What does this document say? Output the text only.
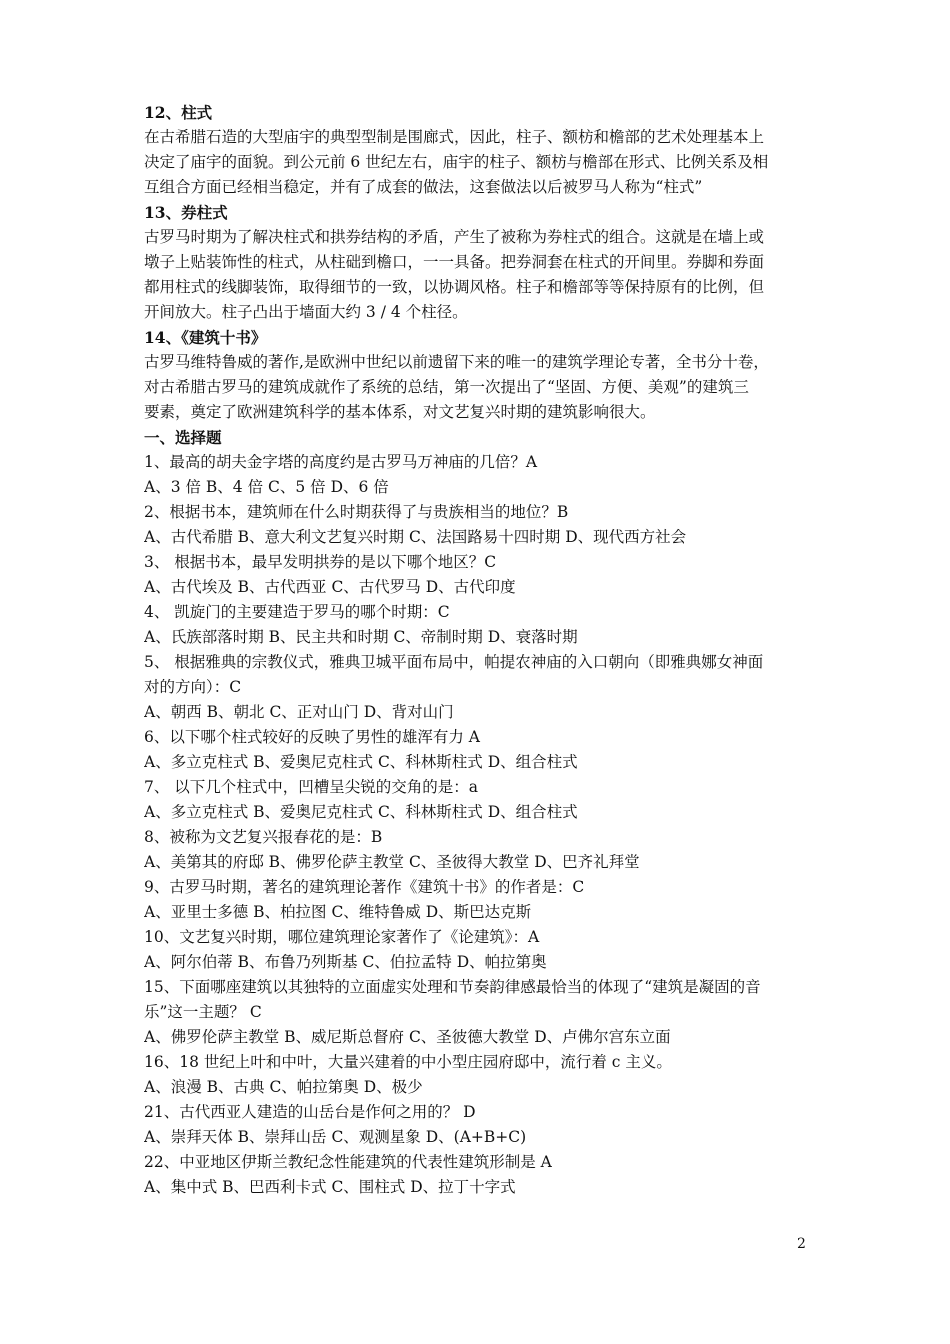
12、柱式
在古希腊石造的大型庙宇的典型型制是围廊式，因此，柱子、额枋和檐部的艺术处理基本上
决定了庙宇的面貌。到公元前 6 世纪左右，庙宇的柱子、额枋与檐部在形式、比例关系及相
互组合方面已经相当稳定，并有了成套的做法，这套做法以后被罗马人称为“柱式”
13、券柱式
古罗马时期为了解决柱式和拱券结构的矛盾，产生了被称为券柱式的组合。这就是在墙上或
墩子上贴装饰性的柱式，从柱础到檐口，一一具备。把券洞套在柱式的开间里。券脚和券面
都用柱式的线脚装饰，取得细节的一致，以协调风格。柱子和檐部等等保持原有的比例，但
开间放大。柱子凸出于墙面大约 3 / 4 个柱径。
14、《建筑十书》
古罗马维特鲁威的著作,是欧洲中世纪以前遗留下来的唯一的建筑学理论专著，全书分十卷，
对古希腊古罗马的建筑成就作了系统的总结，第一次提出了“坚固、方便、美观”的建筑三
要素，奠定了欧洲建筑科学的基本体系，对文艺复兴时期的建筑影响很大。
一、选择题
1、最高的胡夫金字塔的高度约是古罗马万神庙的几倍？A
A、3 倍 B、4 倍 C、5 倍 D、6 倍
2、根据书本，建筑师在什么时期获得了与贵族相当的地位？B
A、古代希腊 B、意大利文艺复兴时期 C、法国路易十四时期 D、现代西方社会
3、 根据书本，最早发明拱券的是以下哪个地区？C
A、古代埃及 B、古代西亚 C、古代罗马 D、古代印度
4、 凯旋门的主要建造于罗马的哪个时期：C
A、氏族部落时期 B、民主共和时期 C、帝制时期 D、衰落时期
5、 根据雅典的宗教仪式，雅典卫城平面布局中，帕提农神庙的入口朝向（即雅典娜女神面
对的方向）：C
A、朝西 B、朝北 C、正对山门 D、背对山门
6、以下哪个柱式较好的反映了男性的雄浑有力 A
A、多立克柱式 B、爱奥尼克柱式 C、科林斯柱式 D、组合柱式
7、 以下几个柱式中，凹槽呈尖锐的交角的是：a
A、多立克柱式 B、爱奥尼克柱式 C、科林斯柱式 D、组合柱式
8、被称为文艺复兴报春花的是：B
A、美第其的府邸 B、佛罗伦萨主教堂 C、圣彼得大教堂 D、巴齐礼拜堂
9、古罗马时期，著名的建筑理论著作《建筑十书》的作者是：C
A、亚里士多德 B、柏拉图 C、维特鲁威 D、斯巴达克斯
10、文艺复兴时期，哪位建筑理论家著作了《论建筑》：A
A、阿尔伯蒂 B、布鲁乃列斯基 C、伯拉孟特 D、帕拉第奥
15、下面哪座建筑以其独特的立面虚实处理和节奏韵律感最恰当的体现了“建筑是凝固的音
乐”这一主题？ C
A、佛罗伦萨主教堂 B、威尼斯总督府 C、圣彼德大教堂 D、卢佛尔宫东立面
16、18 世纪上叶和中叶，大量兴建着的中小型庄园府邸中，流行着 c 主义。
A、浪漫 B、古典 C、帕拉第奥 D、极少
21、古代西亚人建造的山岳台是作何之用的？ D
A、崇拜天体 B、崇拜山岳 C、观测星象 D、(A+B+C)
22、中亚地区伊斯兰教纪念性能建筑的代表性建筑形制是 A
A、集中式 B、巴西利卡式 C、围柱式 D、拉丁十字式
2
